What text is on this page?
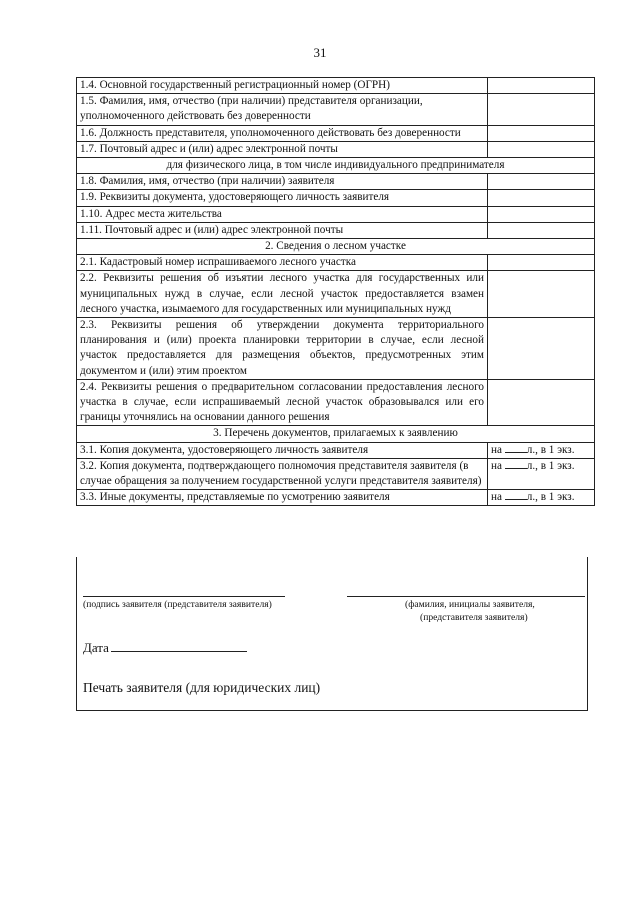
31
1.4. Основной государственный регистрационный номер (ОГРН)	
1.5. Фамилия, имя, отчество (при наличии) представителя организации, уполномоченного действовать без доверенности	
1.6. Должность представителя, уполномоченного действовать без доверенности	
1.7. Почтовый адрес и (или) адрес электронной почты	
для физического лица, в том числе индивидуального предпринимателя	
1.8. Фамилия, имя, отчество (при наличии) заявителя	
1.9. Реквизиты документа, удостоверяющего личность заявителя	
1.10. Адрес места жительства	
1.11. Почтовый адрес и (или) адрес электронной почты	
2. Сведения о лесном участке	
2.1. Кадастровый номер испрашиваемого лесного участка	
2.2. Реквизиты решения об изъятии лесного участка для государственных или муниципальных нужд в случае, если лесной участок предоставляется взамен лесного участка, изымаемого для государственных или муниципальных нужд	
2.3. Реквизиты решения об утверждении документа территориального планирования и (или) проекта планировки территории в случае, если лесной участок предоставляется для размещения объектов, предусмотренных этим документом и (или) этим проектом	
2.4. Реквизиты решения о предварительном согласовании предоставления лесного участка в случае, если испрашиваемый лесной участок образовывался или его границы уточнялись на основании данного решения	
3. Перечень документов, прилагаемых к заявлению	
3.1. Копия документа, удостоверяющего личность заявителя	на л., в 1 экз.
3.2. Копия документа, подтверждающего полномочия представителя заявителя (в случае обращения за получением государственной услуги представителя заявителя)	на л., в 1 экз.
3.3. Иные документы, представляемые по усмотрению заявителя	на л., в 1 экз.
(подпись заявителя (представителя заявителя)	(фамилия, инициалы заявителя,
(представителя заявителя)
Дата
Печать заявителя (для юридических лиц)
